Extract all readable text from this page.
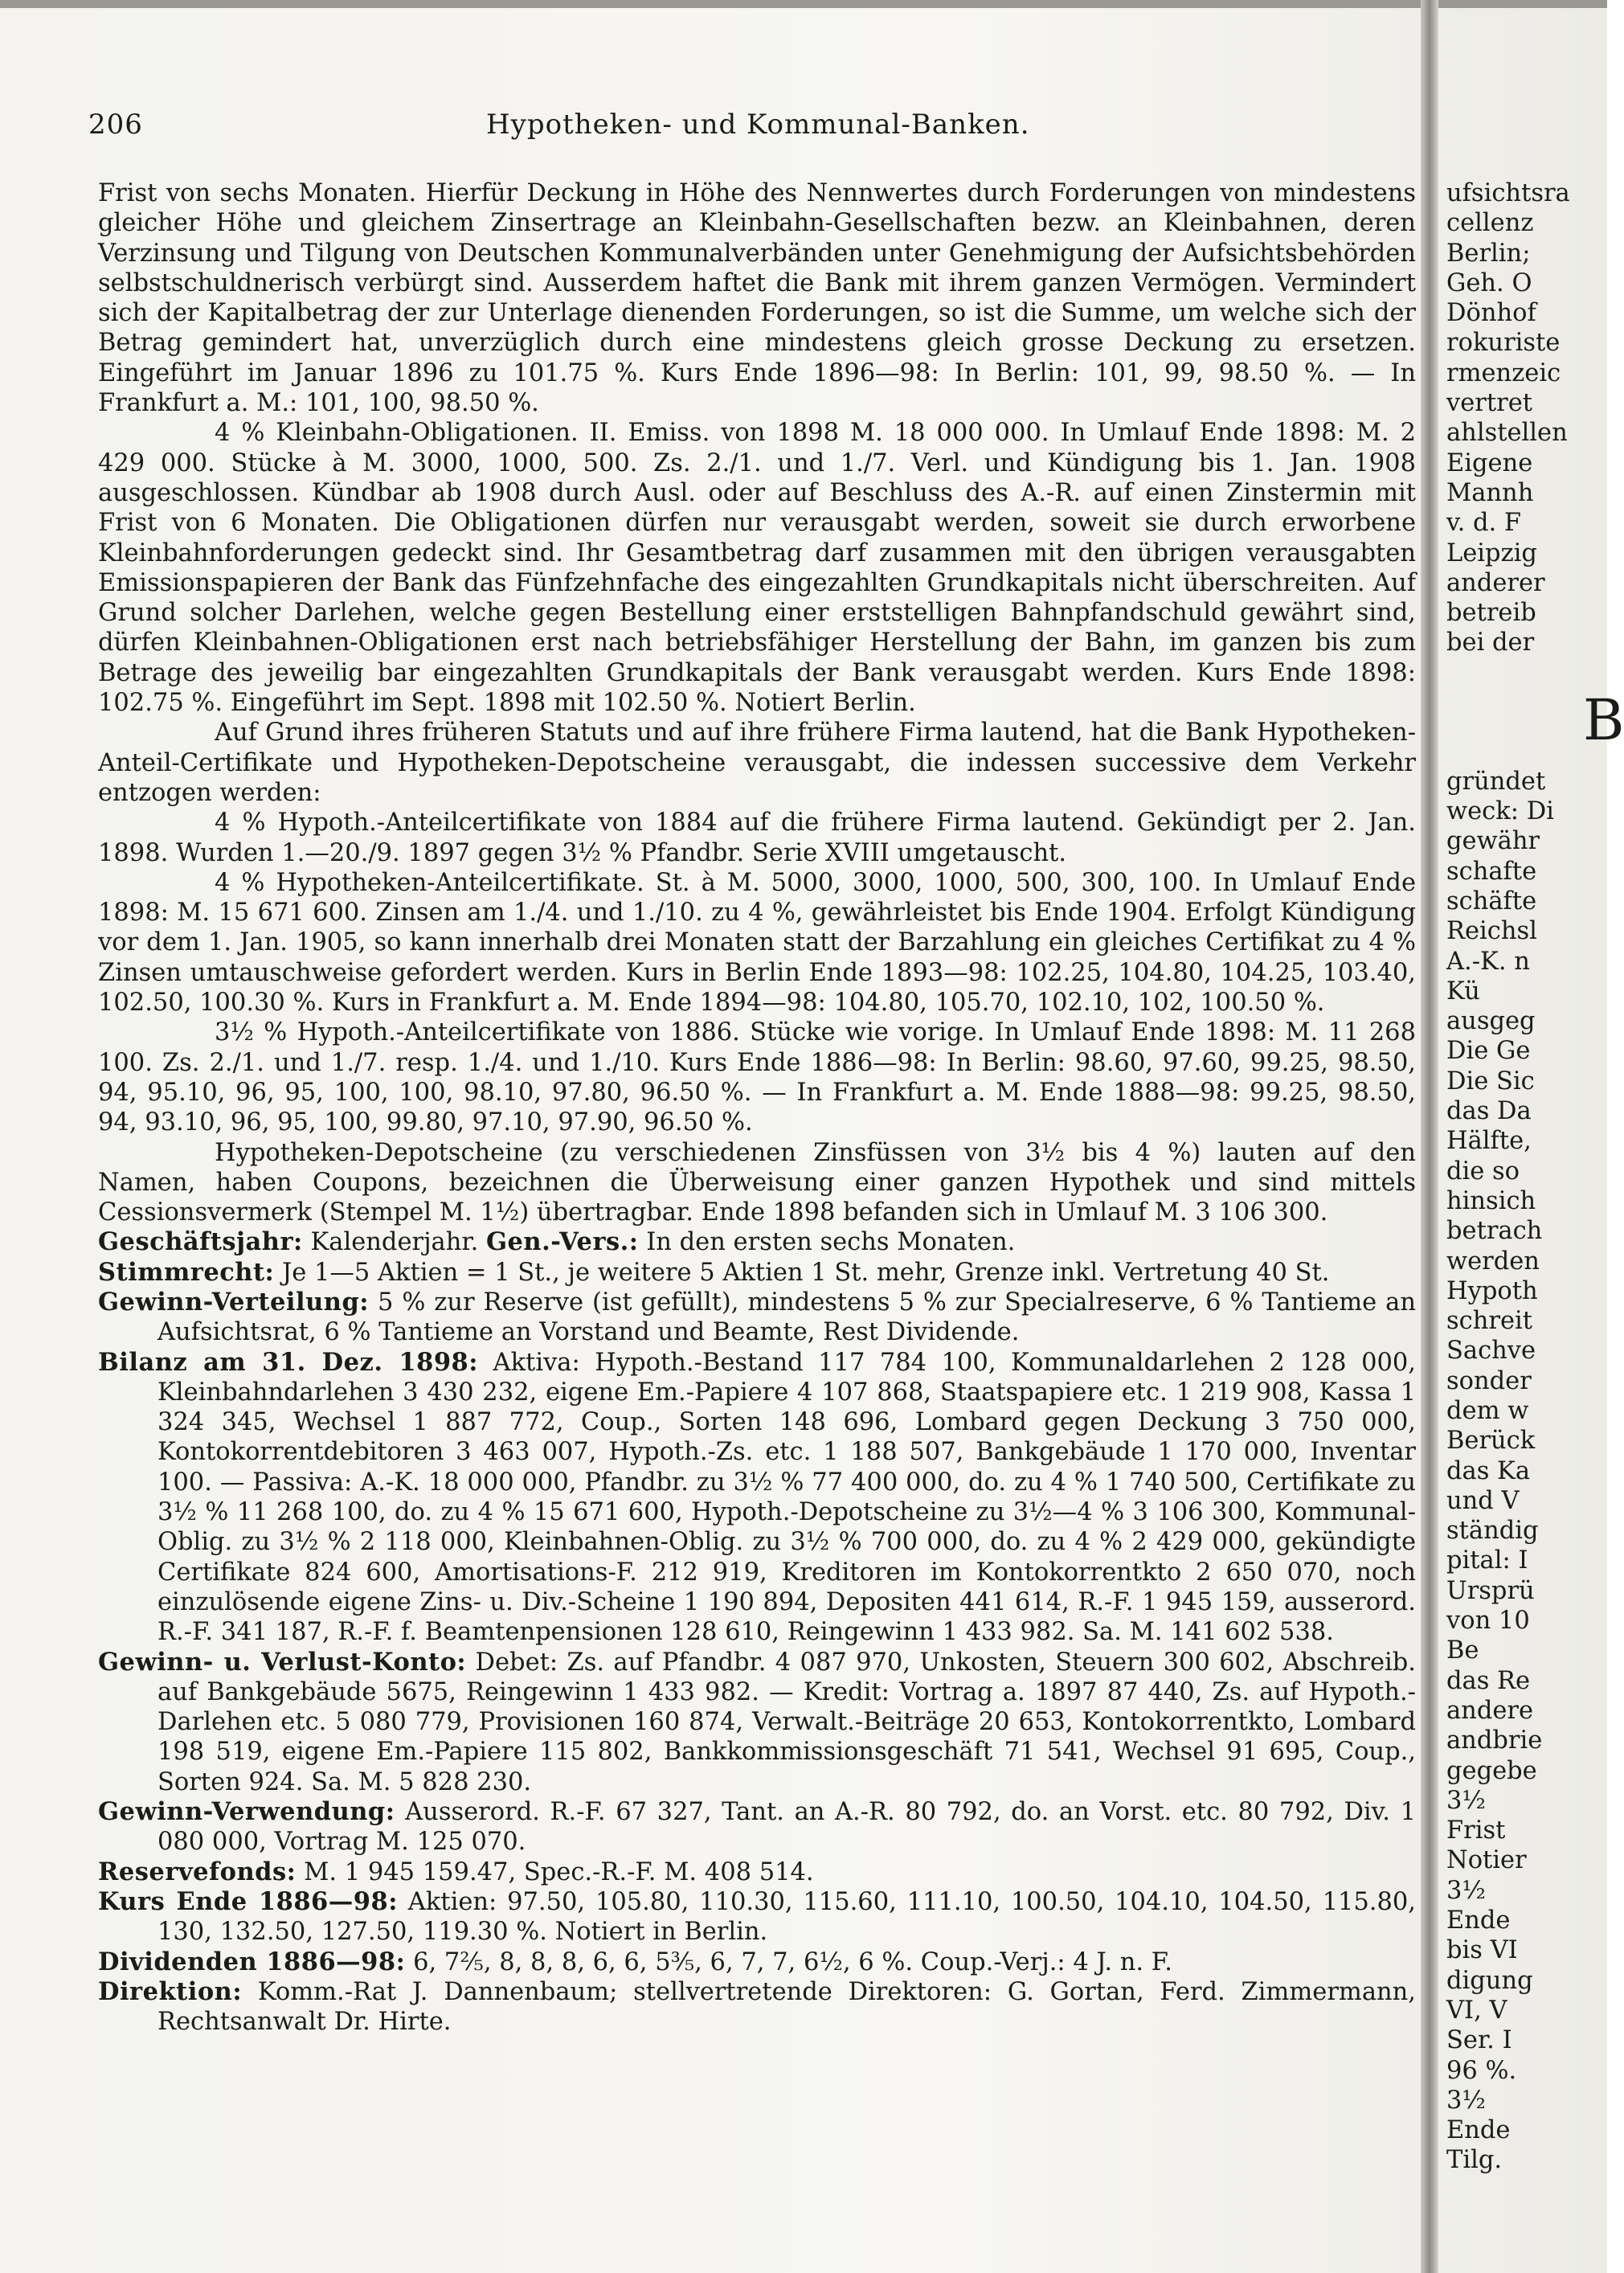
206	Hypotheken- und Kommunal-Banken.

Frist von sechs Monaten. Hierfür Deckung in Höhe des Nennwertes durch Forderungen von mindestens gleicher Höhe und gleichem Zinsertrage an Kleinbahn-Gesellschaften bezw. an Kleinbahnen, deren Verzinsung und Tilgung von Deutschen Kommunalverbänden unter Genehmigung der Aufsichtsbehörden selbstschuldnerisch verbürgt sind. Ausserdem haftet die Bank mit ihrem ganzen Vermögen. Vermindert sich der Kapitalbetrag der zur Unterlage dienenden Forderungen, so ist die Summe, um welche sich der Betrag gemindert hat, unverzüglich durch eine mindestens gleich grosse Deckung zu ersetzen. Eingeführt im Januar 1896 zu 101.75 %. Kurs Ende 1896—98: In Berlin: 101, 99, 98.50 %. — In Frankfurt a. M.: 101, 100, 98.50 %.

4 % Kleinbahn-Obligationen. II. Emiss. von 1898 M. 18 000 000. In Umlauf Ende 1898: M. 2 429 000. Stücke à M. 3000, 1000, 500. Zs. 2./1. und 1./7. Verl. und Kündigung bis 1. Jan. 1908 ausgeschlossen. Kündbar ab 1908 durch Ausl. oder auf Beschluss des A.-R. auf einen Zinstermin mit Frist von 6 Monaten. Die Obligationen dürfen nur verausgabt werden, soweit sie durch erworbene Kleinbahnforderungen gedeckt sind. Ihr Gesamtbetrag darf zusammen mit den übrigen verausgabten Emissionspapieren der Bank das Fünfzehnfache des eingezahlten Grundkapitals nicht überschreiten. Auf Grund solcher Darlehen, welche gegen Bestellung einer erststelligen Bahnpfandschuld gewährt sind, dürfen Kleinbahnen-Obligationen erst nach betriebsfähiger Herstellung der Bahn, im ganzen bis zum Betrage des jeweilig bar eingezahlten Grundkapitals der Bank verausgabt werden. Kurs Ende 1898: 102.75 %. Eingeführt im Sept. 1898 mit 102.50 %. Notiert Berlin.

Auf Grund ihres früheren Statuts und auf ihre frühere Firma lautend, hat die Bank Hypotheken-Anteil-Certifikate und Hypotheken-Depotscheine verausgabt, die indessen successive dem Verkehr entzogen werden:

4 % Hypoth.-Anteilcertifikate von 1884 auf die frühere Firma lautend. Gekündigt per 2. Jan. 1898. Wurden 1.—20./9. 1897 gegen 3½ % Pfandbr. Serie XVIII umgetauscht.

4 % Hypotheken-Anteilcertifikate. St. à M. 5000, 3000, 1000, 500, 300, 100. In Umlauf Ende 1898: M. 15 671 600. Zinsen am 1./4. und 1./10. zu 4 %, gewährleistet bis Ende 1904. Erfolgt Kündigung vor dem 1. Jan. 1905, so kann innerhalb drei Monaten statt der Barzahlung ein gleiches Certifikat zu 4 % Zinsen umtauschweise gefordert werden. Kurs in Berlin Ende 1893—98: 102.25, 104.80, 104.25, 103.40, 102.50, 100.30 %. Kurs in Frankfurt a. M. Ende 1894—98: 104.80, 105.70, 102.10, 102, 100.50 %.

3½ % Hypoth.-Anteilcertifikate von 1886. Stücke wie vorige. In Umlauf Ende 1898: M. 11 268 100. Zs. 2./1. und 1./7. resp. 1./4. und 1./10. Kurs Ende 1886—98: In Berlin: 98.60, 97.60, 99.25, 98.50, 94, 95.10, 96, 95, 100, 100, 98.10, 97.80, 96.50 %. — In Frankfurt a. M. Ende 1888—98: 99.25, 98.50, 94, 93.10, 96, 95, 100, 99.80, 97.10, 97.90, 96.50 %.

Hypotheken-Depotscheine (zu verschiedenen Zinsfüssen von 3½ bis 4 %) lauten auf den Namen, haben Coupons, bezeichnen die Überweisung einer ganzen Hypothek und sind mittels Cessionsvermerk (Stempel M. 1½) übertragbar. Ende 1898 befanden sich in Umlauf M. 3 106 300.

Geschäftsjahr: Kalenderjahr. Gen.-Vers.: In den ersten sechs Monaten.

Stimmrecht: Je 1—5 Aktien = 1 St., je weitere 5 Aktien 1 St. mehr, Grenze inkl. Vertretung 40 St.

Gewinn-Verteilung: 5 % zur Reserve (ist gefüllt), mindestens 5 % zur Specialreserve, 6 % Tantieme an Aufsichtsrat, 6 % Tantieme an Vorstand und Beamte, Rest Dividende.

Bilanz am 31. Dez. 1898: Aktiva: Hypoth.-Bestand 117 784 100, Kommunaldarlehen 2 128 000, Kleinbahndarlehen 3 430 232, eigene Em.-Papiere 4 107 868, Staatspapiere etc. 1 219 908, Kassa 1 324 345, Wechsel 1 887 772, Coup., Sorten 148 696, Lombard gegen Deckung 3 750 000, Kontokorrentdebitoren 3 463 007, Hypoth.-Zs. etc. 1 188 507, Bankgebäude 1 170 000, Inventar 100. — Passiva: A.-K. 18 000 000, Pfandbr. zu 3½ % 77 400 000, do. zu 4 % 1 740 500, Certifikate zu 3½ % 11 268 100, do. zu 4 % 15 671 600, Hypoth.-Depotscheine zu 3½—4 % 3 106 300, Kommunal-Oblig. zu 3½ % 2 118 000, Kleinbahnen-Oblig. zu 3½ % 700 000, do. zu 4 % 2 429 000, gekündigte Certifikate 824 600, Amortisations-F. 212 919, Kreditoren im Kontokorrentkto 2 650 070, noch einzulösende eigene Zins- u. Div.-Scheine 1 190 894, Depositen 441 614, R.-F. 1 945 159, ausserord. R.-F. 341 187, R.-F. f. Beamtenpensionen 128 610, Reingewinn 1 433 982. Sa. M. 141 602 538.

Gewinn- u. Verlust-Konto: Debet: Zs. auf Pfandbr. 4 087 970, Unkosten, Steuern 300 602, Abschreib. auf Bankgebäude 5675, Reingewinn 1 433 982. — Kredit: Vortrag a. 1897 87 440, Zs. auf Hypoth.-Darlehen etc. 5 080 779, Provisionen 160 874, Verwalt.-Beiträge 20 653, Kontokorrentkto, Lombard 198 519, eigene Em.-Papiere 115 802, Bankkommissionsgeschäft 71 541, Wechsel 91 695, Coup., Sorten 924. Sa. M. 5 828 230.

Gewinn-Verwendung: Ausserord. R.-F. 67 327, Tant. an A.-R. 80 792, do. an Vorst. etc. 80 792, Div. 1 080 000, Vortrag M. 125 070.

Reservefonds: M. 1 945 159.47, Spec.-R.-F. M. 408 514.

Kurs Ende 1886—98: Aktien: 97.50, 105.80, 110.30, 115.60, 111.10, 100.50, 104.10, 104.50, 115.80, 130, 132.50, 127.50, 119.30 %. Notiert in Berlin.

Dividenden 1886—98: 6, 7⅖, 8, 8, 8, 6, 6, 5⅗, 6, 7, 7, 6½, 6 %. Coup.-Verj.: 4 J. n. F.

Direktion: Komm.-Rat J. Dannenbaum; stellvertretende Direktoren: G. Gortan, Ferd. Zimmermann, Rechtsanwalt Dr. Hirte.

ufsichtsra
cellenz
Berlin;
Geh. O
Dönhof
rokuriste
rmenzeic
vertret
ahlstellen
Eigene
Mannh
v. d. F
Leipzig
anderer
betreib
bei der
B
gründet
weck: Di
gewähr
schafte
schäfte
Reichsl
A.-K. n
Kü
ausgeg
Die Ge
Die Sic
das Da
Hälfte,
die so
hinsich
betrach
werden
Hypoth
schreit
Sachve
sonder
dem w
Berück
das Ka
und V
ständig
pital: I
Ursprü
von 10
Be
das Re
andere
andbrie
gegebe
3½
Frist
Notier
3½
Ende
bis VI
digung
VI, V
Ser. I
96 %.
3½
Ende
Tilg.
